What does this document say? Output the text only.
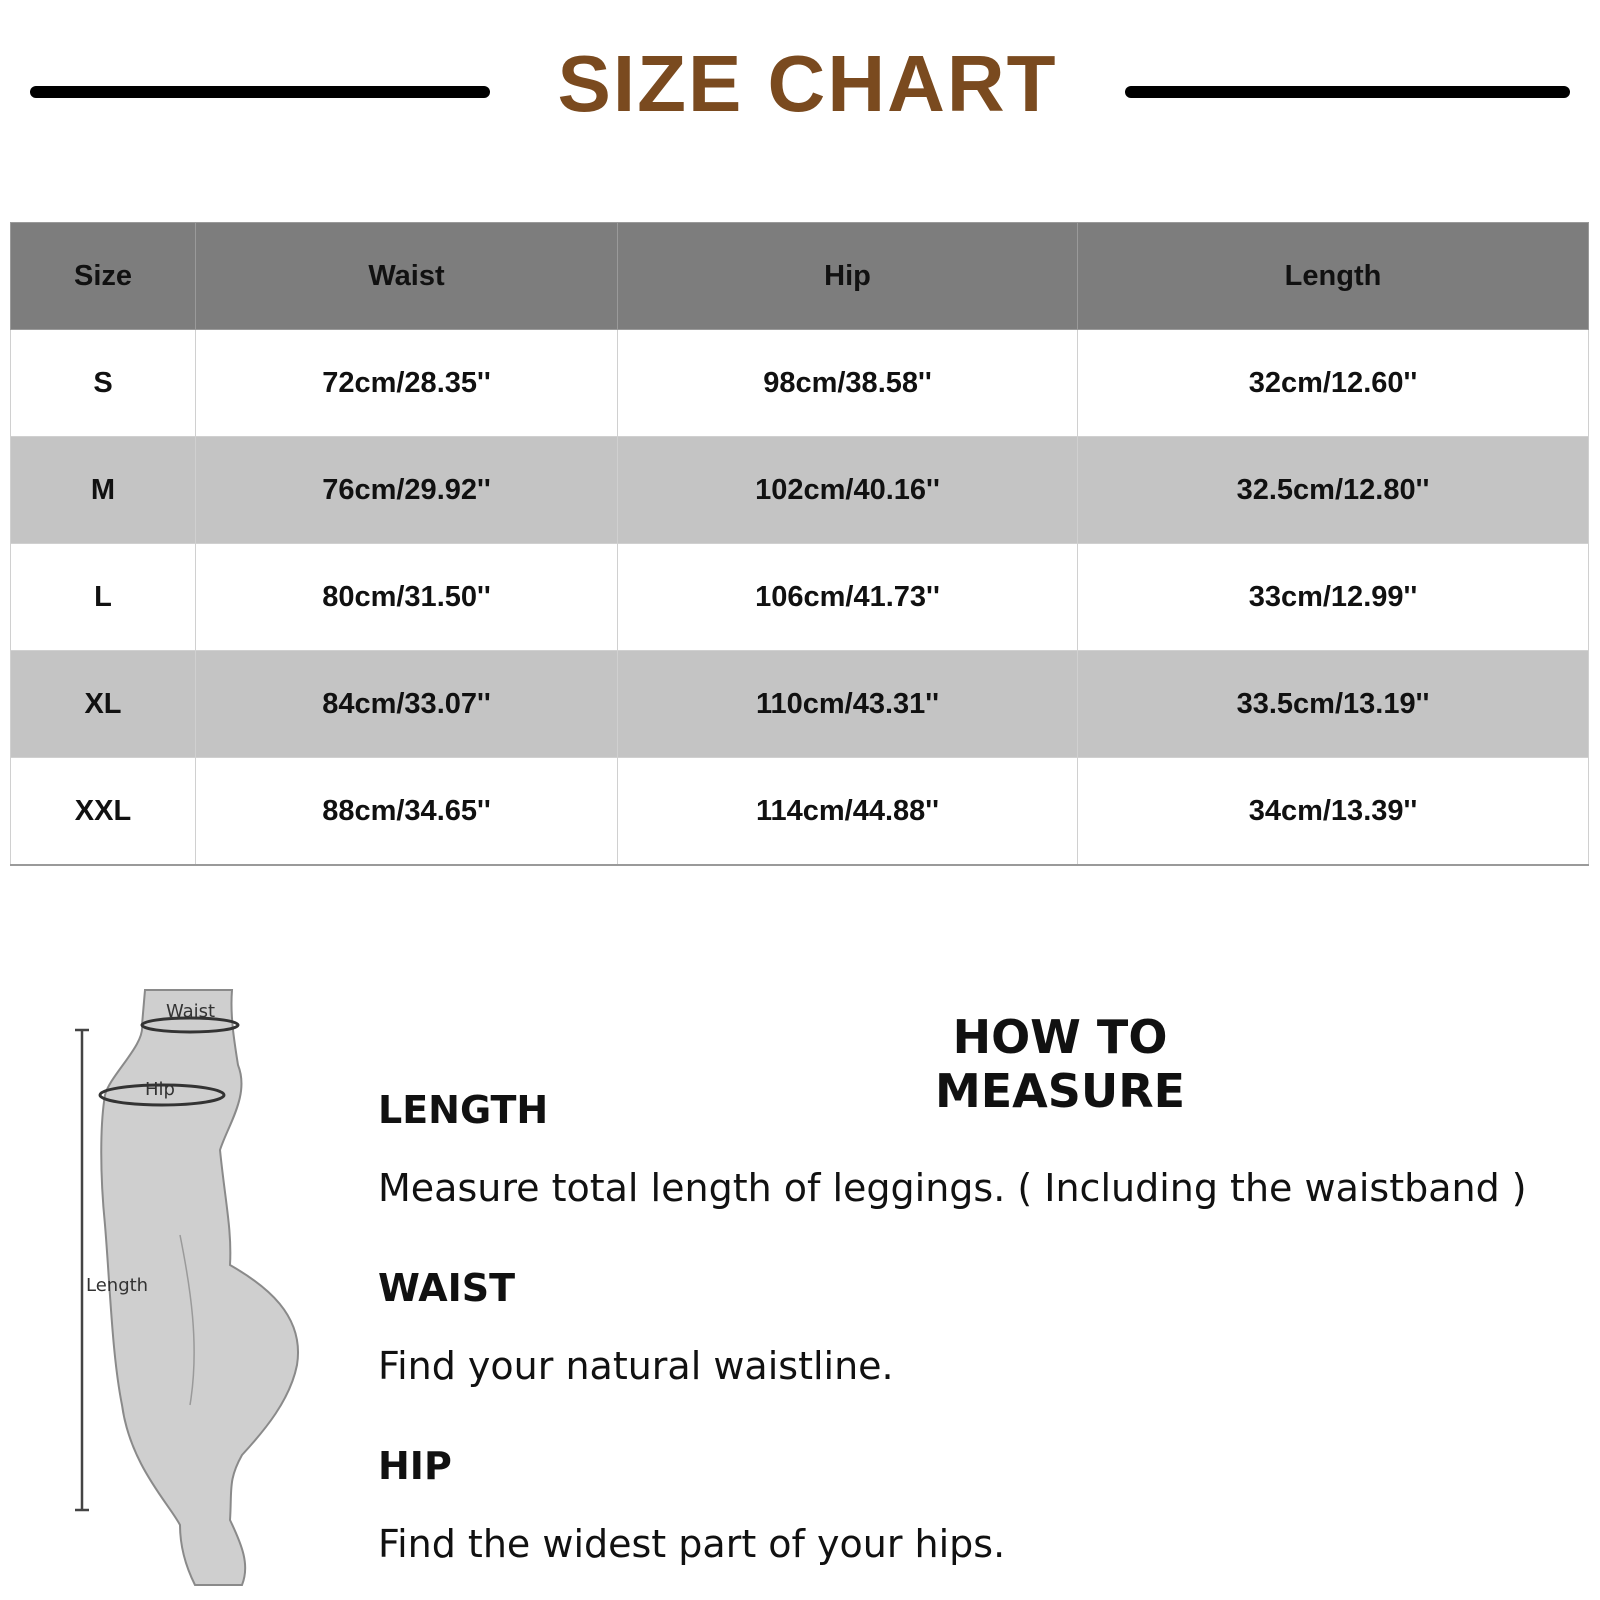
SIZE CHART
Size	Waist	Hip	Length
S	72cm/28.35''	98cm/38.58''	32cm/12.60''
M	76cm/29.92''	102cm/40.16''	32.5cm/12.80''
L	80cm/31.50''	106cm/41.73''	33cm/12.99''
XL	84cm/33.07''	110cm/43.31''	33.5cm/13.19''
XXL	88cm/34.65''	114cm/44.88''	34cm/13.39''
Waist
Hip
Length
HOW TO MEASURE
LENGTH
Measure total length of leggings. ( Including the waistband )
WAIST
Find your natural waistline.
HIP
Find the widest part of your hips.
